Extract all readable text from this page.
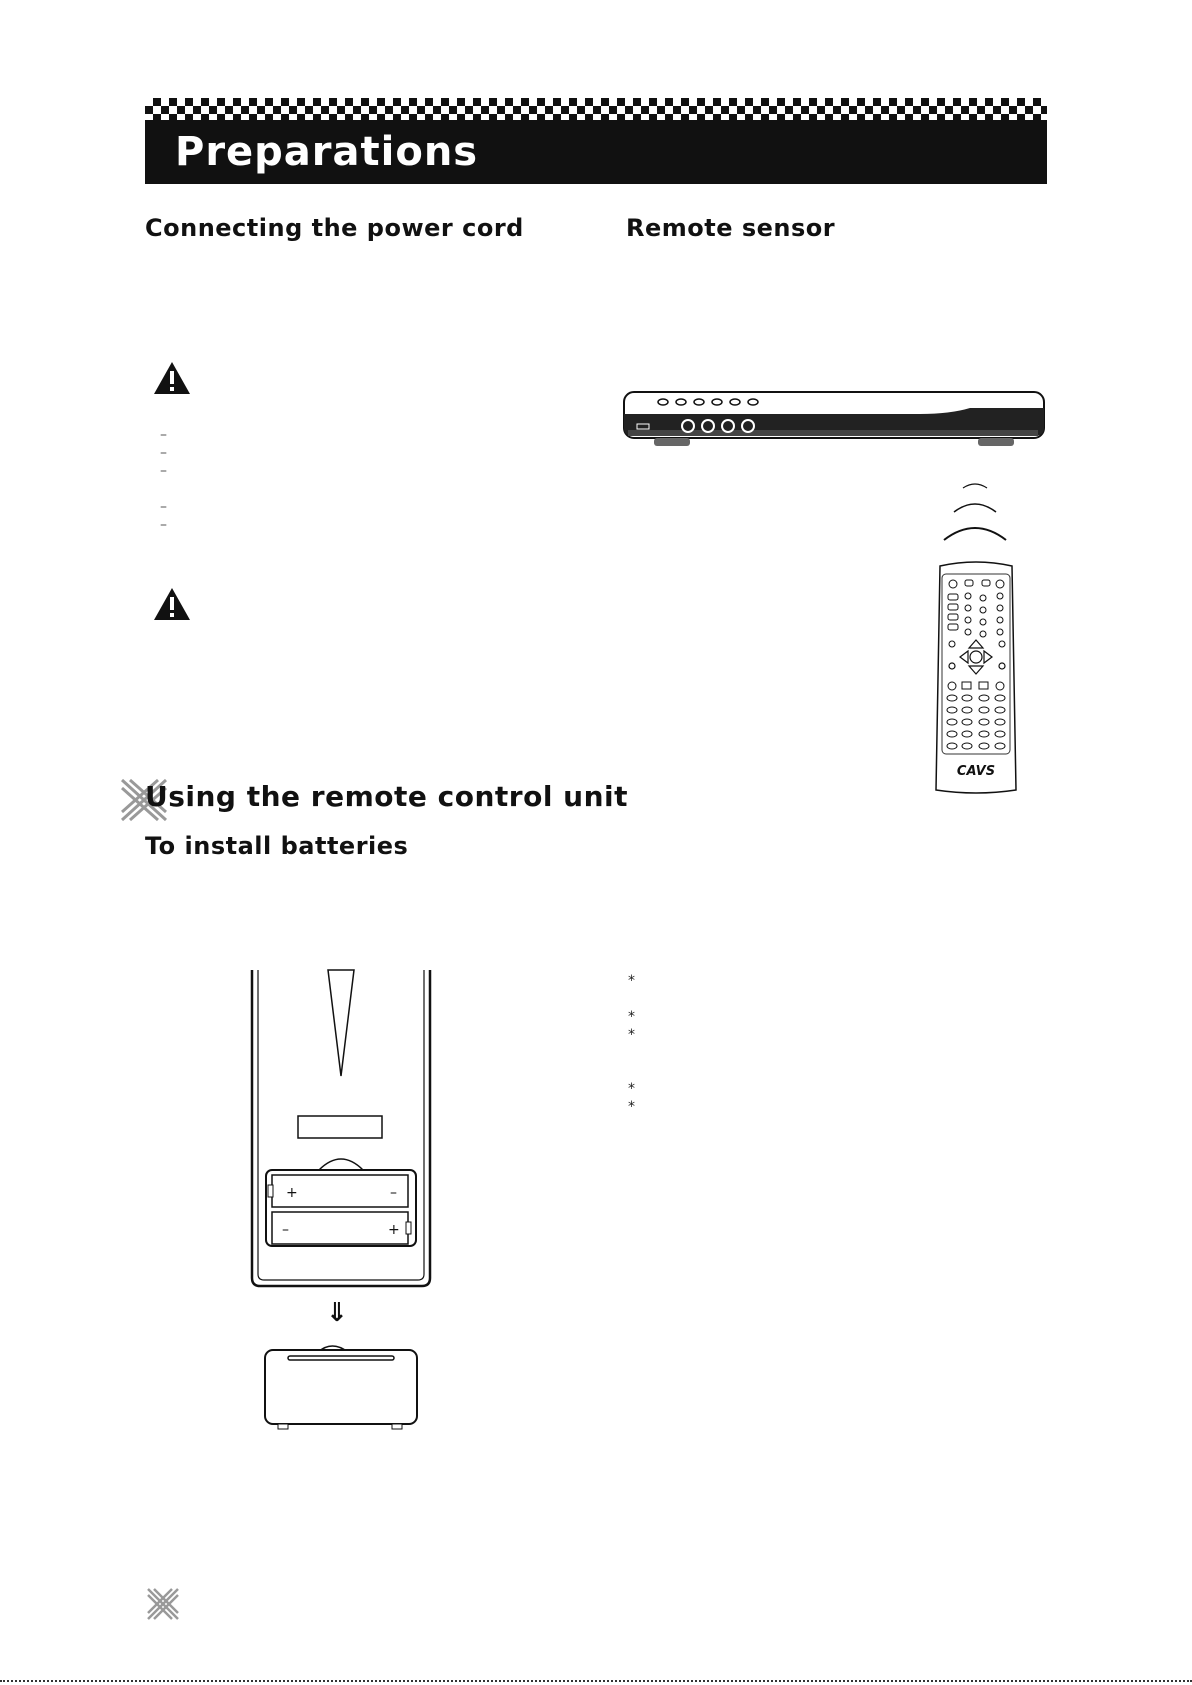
Preparations
Connecting the power cord	Remote sensor
–
–
–
–
–
Using the remote control unit
To install batteries
CAVS DVD-1610
CAVS
*
*
*
*
*
+	–
–	+
⇓
